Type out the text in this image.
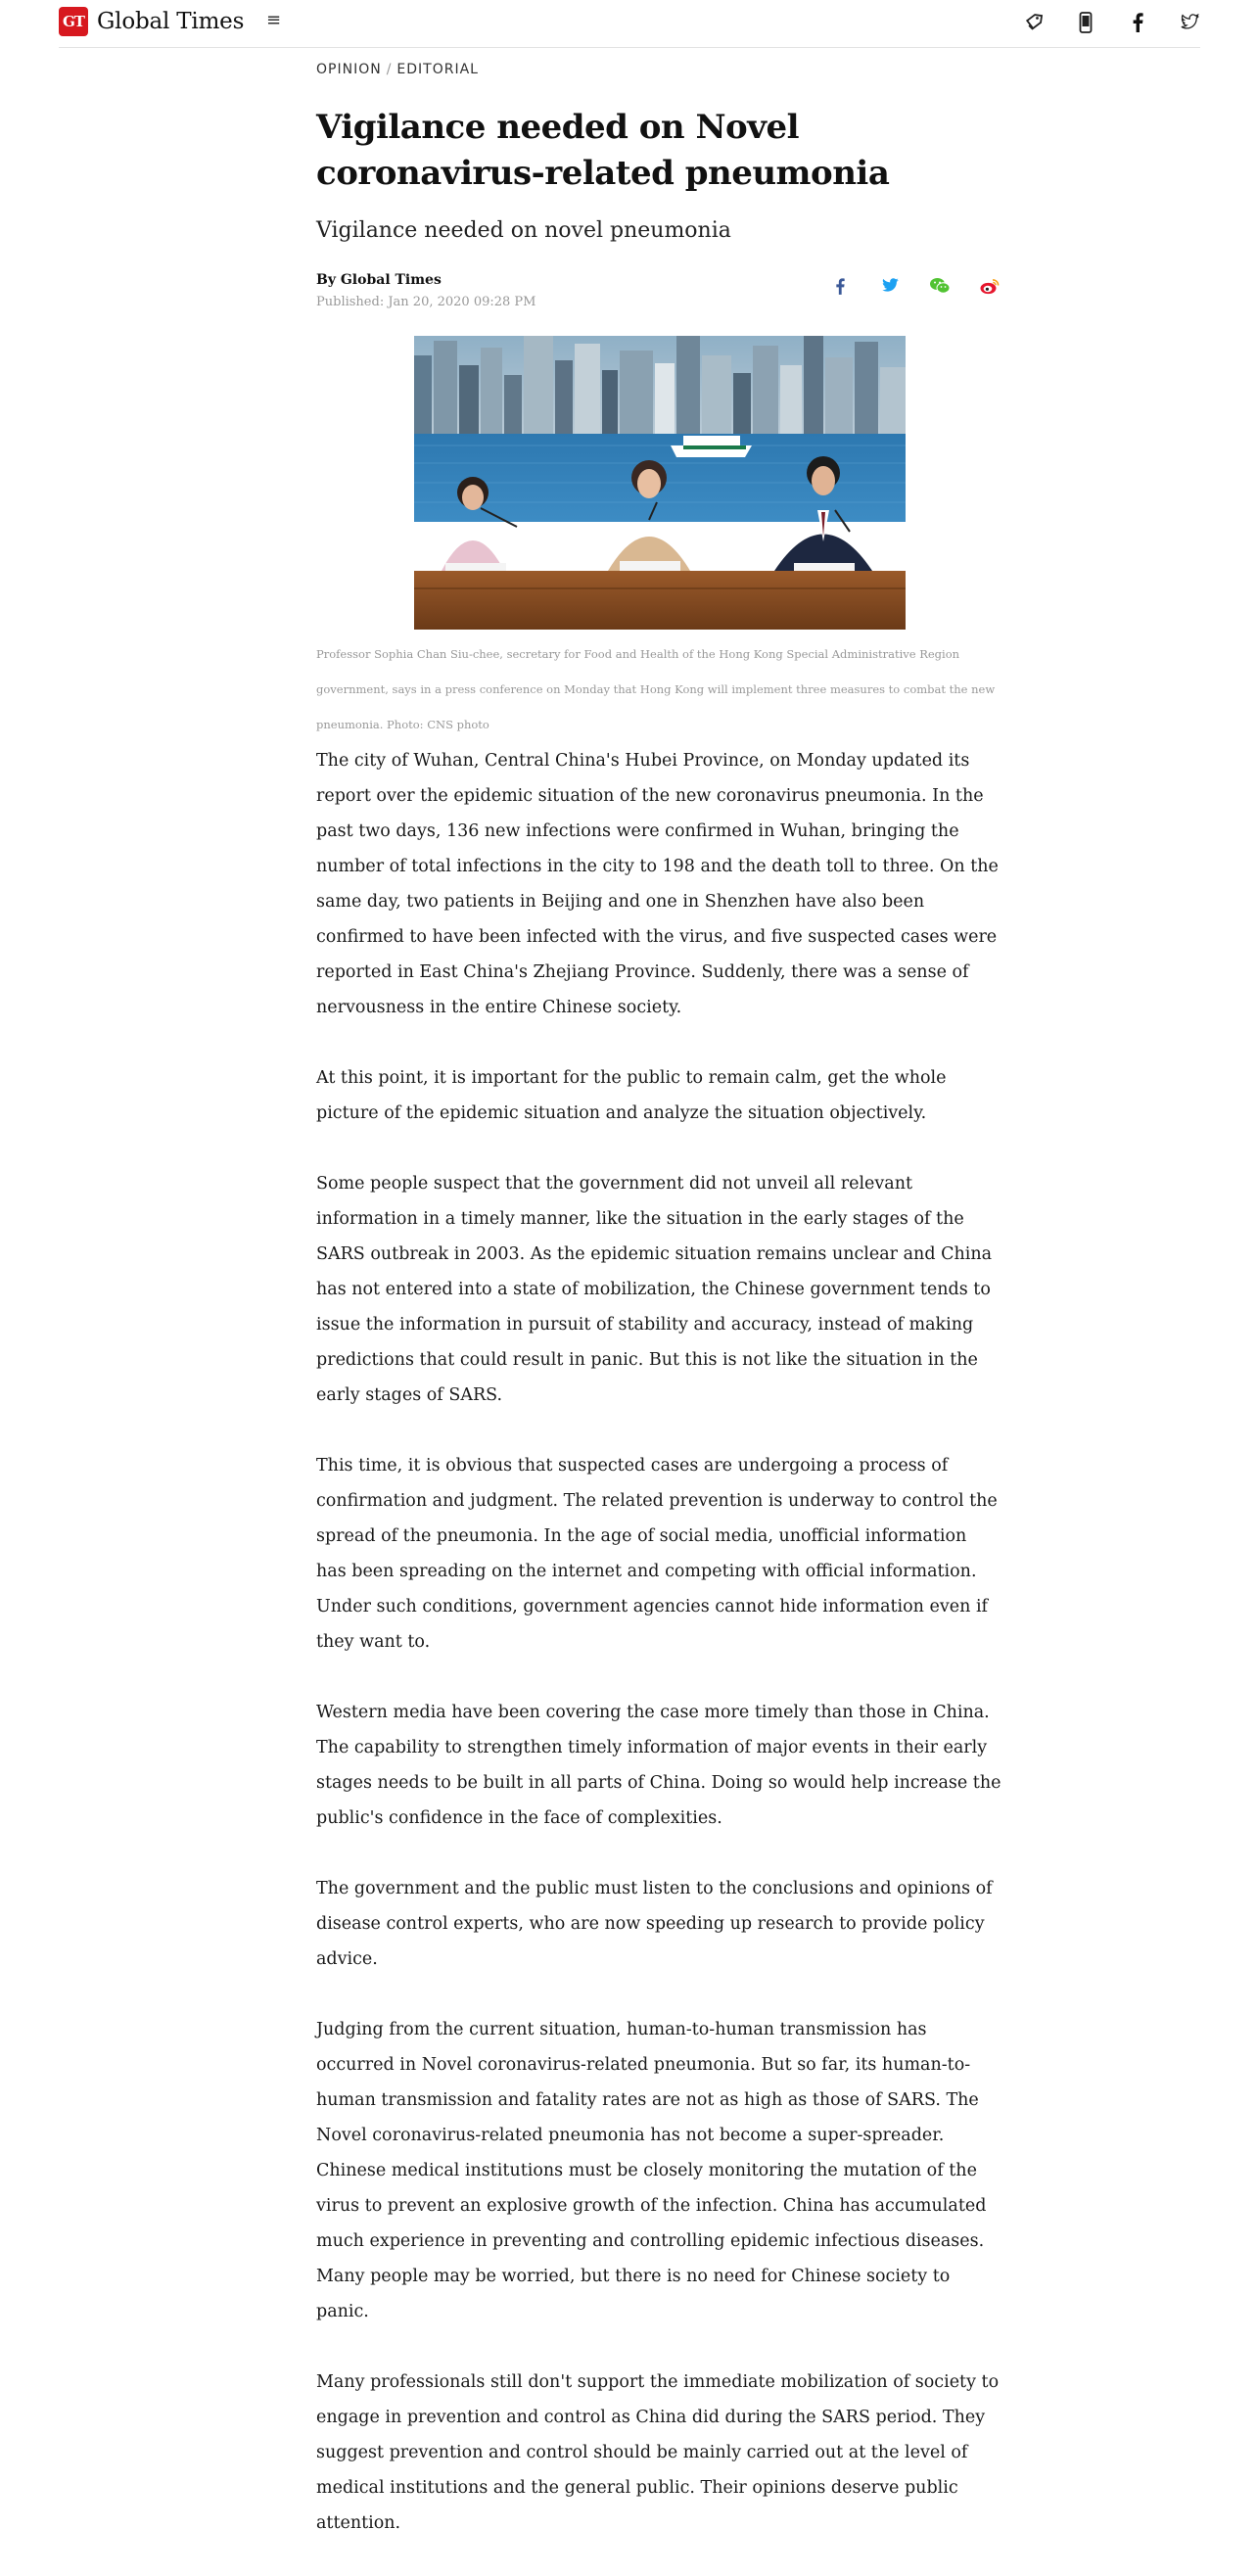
GT Global Times ≡
OPINION / EDITORIAL
Vigilance needed on Novel coronavirus-related pneumonia
Vigilance needed on novel pneumonia
By Global Times
Published: Jan 20, 2020 09:28 PM
Professor Sophia Chan Siu-chee, secretary for Food and Health of the Hong Kong Special Administrative Region government, says in a press conference on Monday that Hong Kong will implement three measures to combat the new pneumonia. Photo: CNS photo

The city of Wuhan, Central China's Hubei Province, on Monday updated its report over the epidemic situation of the new coronavirus pneumonia. In the past two days, 136 new infections were confirmed in Wuhan, bringing the number of total infections in the city to 198 and the death toll to three. On the same day, two patients in Beijing and one in Shenzhen have also been confirmed to have been infected with the virus, and five suspected cases were reported in East China's Zhejiang Province. Suddenly, there was a sense of nervousness in the entire Chinese society.

At this point, it is important for the public to remain calm, get the whole picture of the epidemic situation and analyze the situation objectively.

Some people suspect that the government did not unveil all relevant information in a timely manner, like the situation in the early stages of the SARS outbreak in 2003. As the epidemic situation remains unclear and China has not entered into a state of mobilization, the Chinese government tends to issue the information in pursuit of stability and accuracy, instead of making predictions that could result in panic. But this is not like the situation in the early stages of SARS.

This time, it is obvious that suspected cases are undergoing a process of confirmation and judgment. The related prevention is underway to control the spread of the pneumonia. In the age of social media, unofficial information has been spreading on the internet and competing with official information. Under such conditions, government agencies cannot hide information even if they want to.

Western media have been covering the case more timely than those in China. The capability to strengthen timely information of major events in their early stages needs to be built in all parts of China. Doing so would help increase the public's confidence in the face of complexities.

The government and the public must listen to the conclusions and opinions of disease control experts, who are now speeding up research to provide policy advice.

Judging from the current situation, human-to-human transmission has occurred in Novel coronavirus-related pneumonia. But so far, its human-to-human transmission and fatality rates are not as high as those of SARS. The Novel coronavirus-related pneumonia has not become a super-spreader. Chinese medical institutions must be closely monitoring the mutation of the virus to prevent an explosive growth of the infection. China has accumulated much experience in preventing and controlling epidemic infectious diseases. Many people may be worried, but there is no need for Chinese society to panic.

Many professionals still don't support the immediate mobilization of society to engage in prevention and control as China did during the SARS period. They suggest prevention and control should be mainly carried out at the level of medical institutions and the general public. Their opinions deserve public attention.
